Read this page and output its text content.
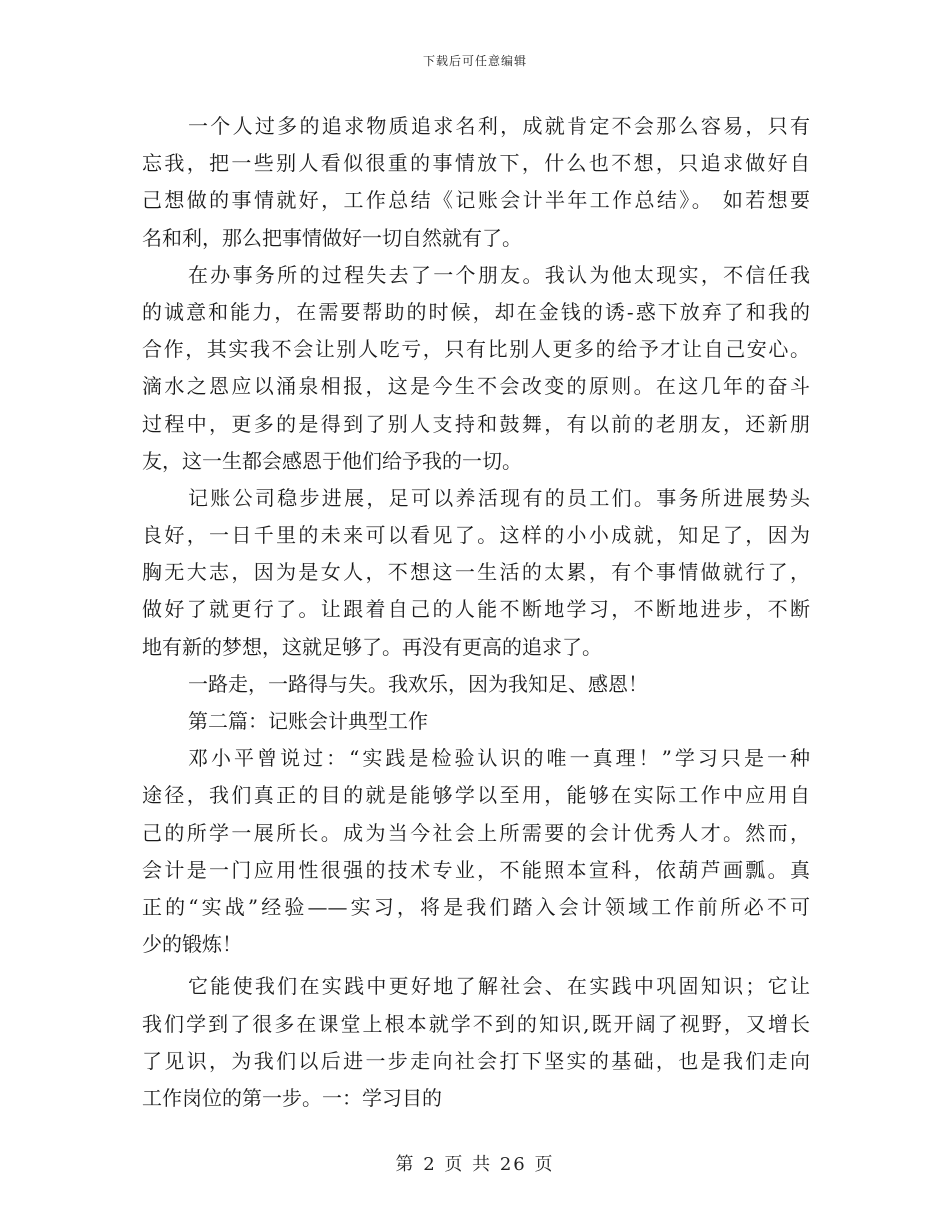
下载后可任意编辑
一个人过多的追求物质追求名利，成就肯定不会那么容易，只有
忘我，把一些别人看似很重的事情放下，什么也不想，只追求做好自
己想做的事情就好，工作总结《记账会计半年工作总结》。 如若想要
名和利，那么把事情做好一切自然就有了。
在办事务所的过程失去了一个朋友。我认为他太现实，不信任我
的诚意和能力，在需要帮助的时候，却在金钱的诱-惑下放弃了和我的
合作，其实我不会让别人吃亏，只有比别人更多的给予才让自己安心。
滴水之恩应以涌泉相报，这是今生不会改变的原则。在这几年的奋斗
过程中，更多的是得到了别人支持和鼓舞，有以前的老朋友，还新朋
友，这一生都会感恩于他们给予我的一切。
记账公司稳步进展，足可以养活现有的员工们。事务所进展势头
良好，一日千里的未来可以看见了。这样的小小成就，知足了，因为
胸无大志，因为是女人，不想这一生活的太累，有个事情做就行了，
做好了就更行了。让跟着自己的人能不断地学习，不断地进步，不断
地有新的梦想，这就足够了。再没有更高的追求了。
一路走，一路得与失。我欢乐，因为我知足、感恩！
第二篇：记账会计典型工作
邓小平曾说过：“实践是检验认识的唯一真理！”学习只是一种
途径，我们真正的目的就是能够学以至用，能够在实际工作中应用自
己的所学一展所长。成为当今社会上所需要的会计优秀人才。然而，
会计是一门应用性很强的技术专业，不能照本宣科，依葫芦画瓢。真
正的“实战”经验——实习，将是我们踏入会计领域工作前所必不可
少的锻炼！
它能使我们在实践中更好地了解社会、在实践中巩固知识；它让
我们学到了很多在课堂上根本就学不到的知识,既开阔了视野，又增长
了见识，为我们以后进一步走向社会打下坚实的基础，也是我们走向
工作岗位的第一步。一：学习目的
第 2 页 共 26 页
